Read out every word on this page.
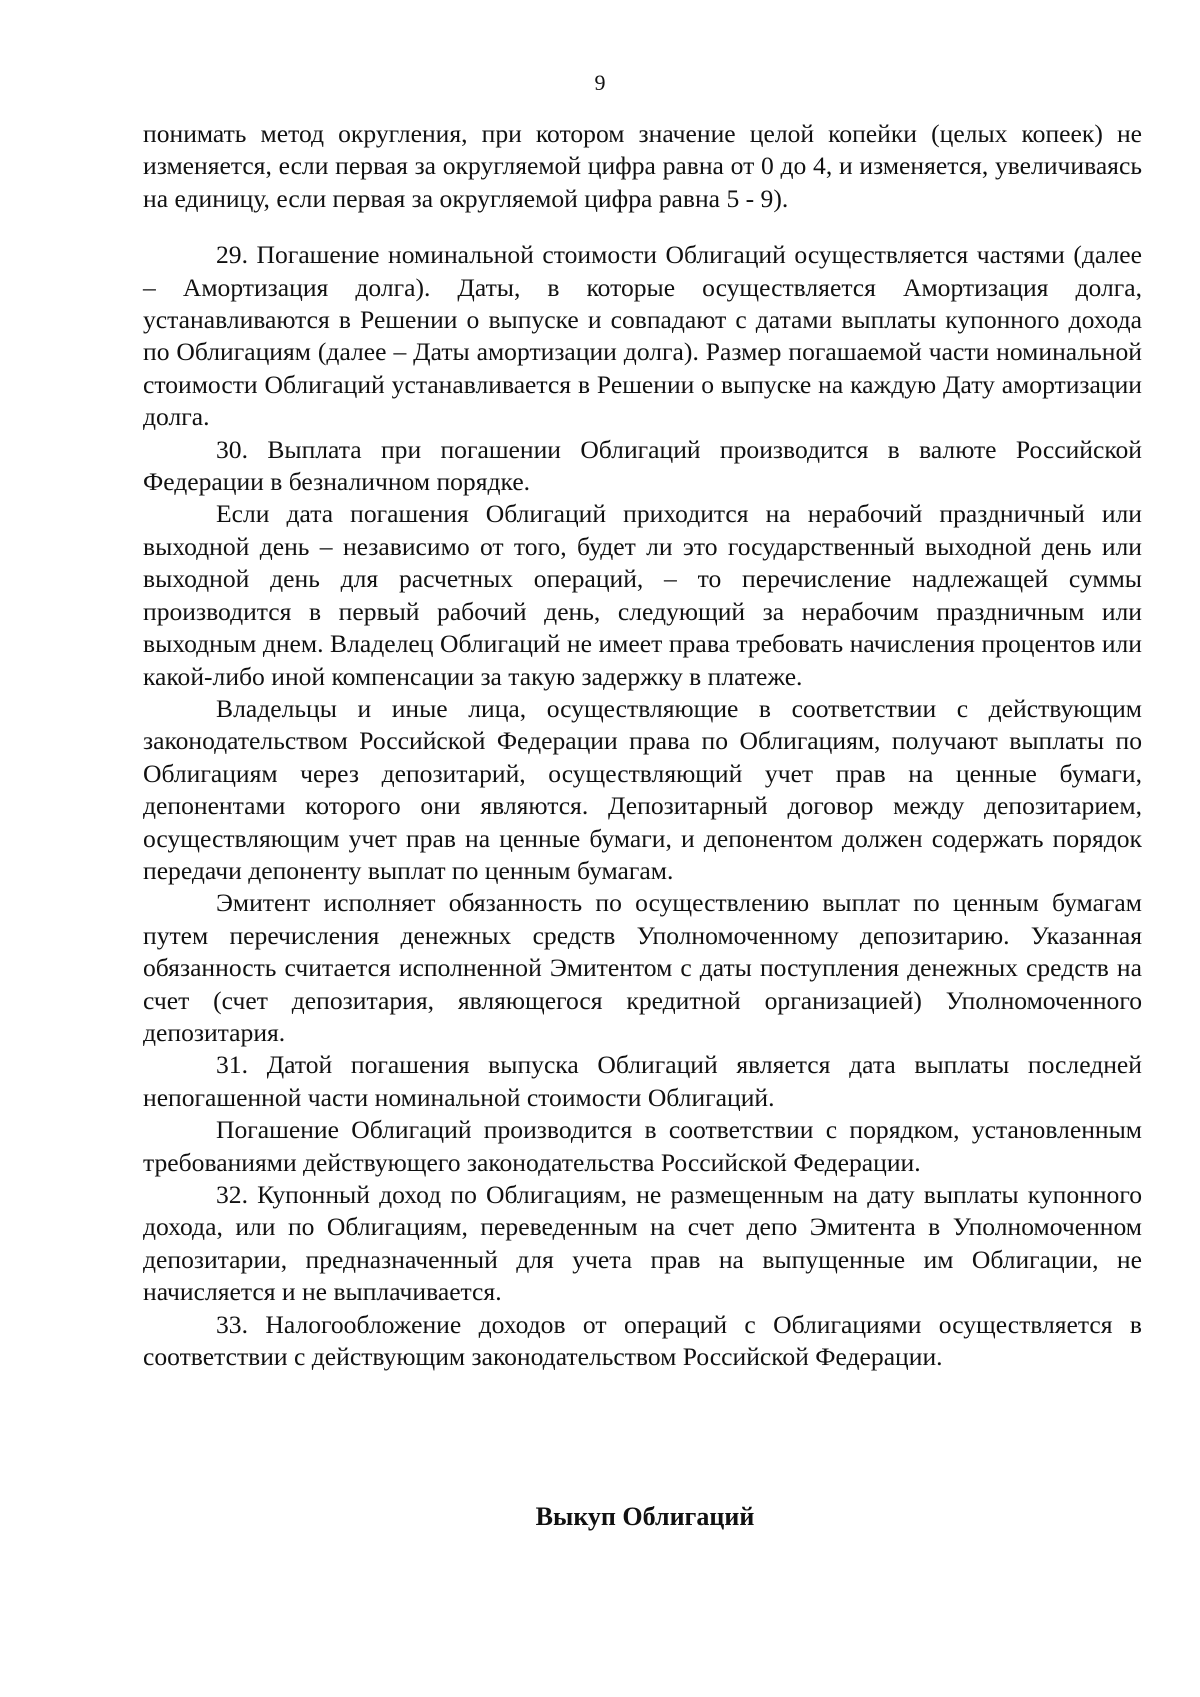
9

понимать метод округления, при котором значение целой копейки (целых копеек) не изменяется, если первая за округляемой цифра равна от 0 до 4, и изменяется, увеличиваясь на единицу, если первая за округляемой цифра равна 5 - 9).

29. Погашение номинальной стоимости Облигаций осуществляется частями (далее – Амортизация долга). Даты, в которые осуществляется Амортизация долга, устанавливаются в Решении о выпуске и совпадают с датами выплаты купонного дохода по Облигациям (далее – Даты амортизации долга). Размер погашаемой части номинальной стоимости Облигаций устанавливается в Решении о выпуске на каждую Дату амортизации долга.

30. Выплата при погашении Облигаций производится в валюте Российской Федерации в безналичном порядке.

Если дата погашения Облигаций приходится на нерабочий праздничный или выходной день – независимо от того, будет ли это государственный выходной день или выходной день для расчетных операций, – то перечисление надлежащей суммы производится в первый рабочий день, следующий за нерабочим праздничным или выходным днем. Владелец Облигаций не имеет права требовать начисления процентов или какой-либо иной компенсации за такую задержку в платеже.

Владельцы и иные лица, осуществляющие в соответствии с действующим законодательством Российской Федерации права по Облигациям, получают выплаты по Облигациям через депозитарий, осуществляющий учет прав на ценные бумаги, депонентами которого они являются. Депозитарный договор между депозитарием, осуществляющим учет прав на ценные бумаги, и депонентом должен содержать порядок передачи депоненту выплат по ценным бумагам.

Эмитент исполняет обязанность по осуществлению выплат по ценным бумагам путем перечисления денежных средств Уполномоченному депозитарию. Указанная обязанность считается исполненной Эмитентом с даты поступления денежных средств на счет (счет депозитария, являющегося кредитной организацией) Уполномоченного депозитария.

31. Датой погашения выпуска Облигаций является дата выплаты последней непогашенной части номинальной стоимости Облигаций.

Погашение Облигаций производится в соответствии с порядком, установленным требованиями действующего законодательства Российской Федерации.

32. Купонный доход по Облигациям, не размещенным на дату выплаты купонного дохода, или по Облигациям, переведенным на счет депо Эмитента в Уполномоченном депозитарии, предназначенный для учета прав на выпущенные им Облигации, не начисляется и не выплачивается.

33. Налогообложение доходов от операций с Облигациями осуществляется в соответствии с действующим законодательством Российской Федерации.

Выкуп Облигаций
